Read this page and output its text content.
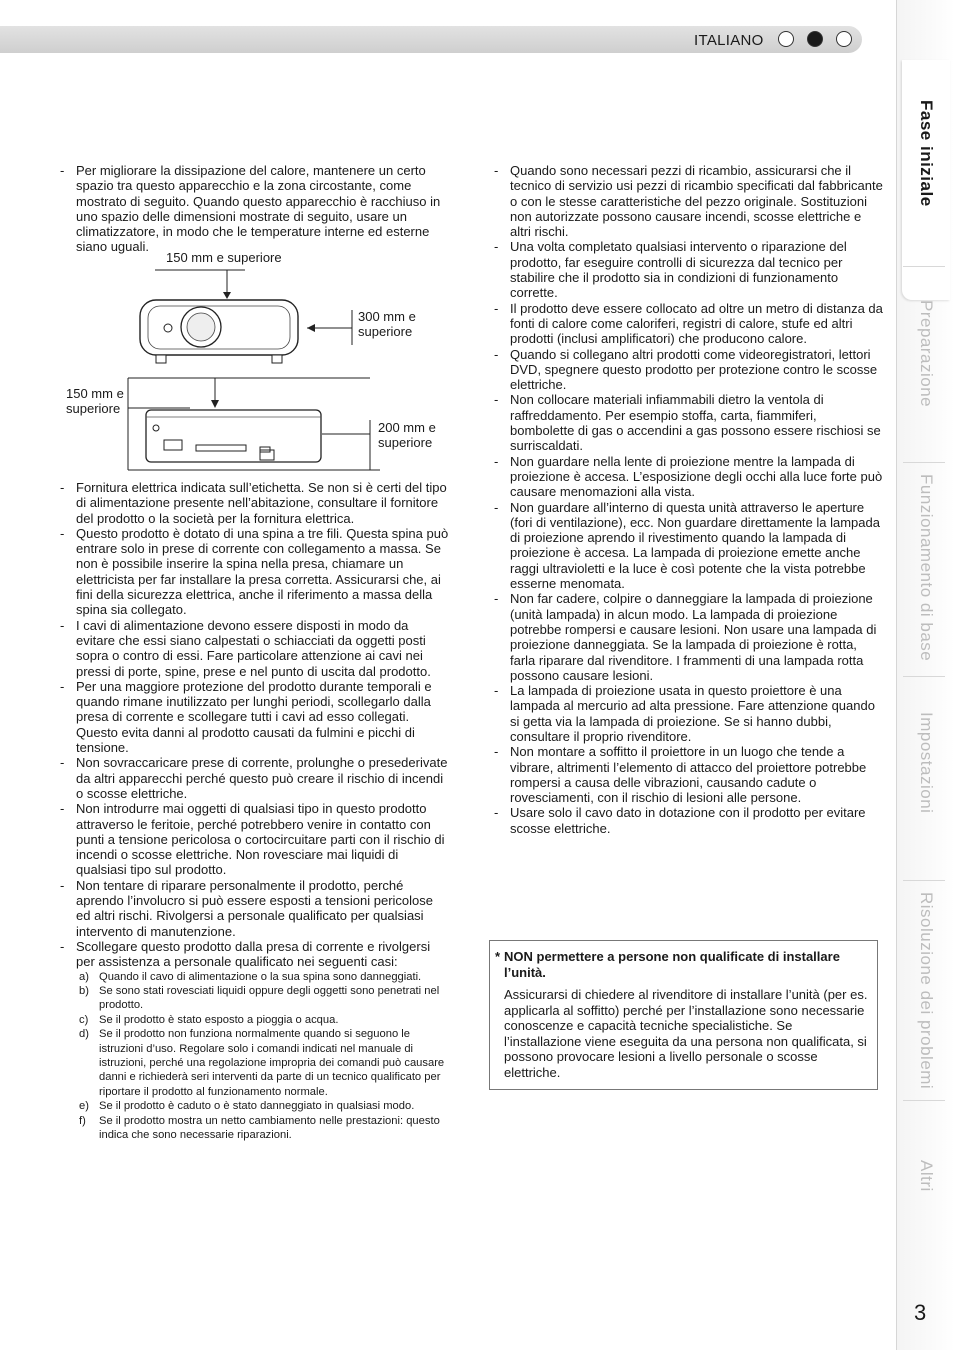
ITALIANO
Fase iniziale
Preparazione
Funzionamento di base
Impostazioni
Risoluzione dei problemi
Altri
3

- Per migliorare la dissipazione del calore, mantenere un certo spazio tra questo apparecchio e la zona circostante, come mostrato di seguito. Quando questo apparecchio è racchiuso in uno spazio delle dimensioni mostrate di seguito, usare un climatizzatore, in modo che le temperature interne ed esterne siano uguali.

150 mm e superiore
300 mm e
superiore
150 mm e
superiore
200 mm e
superiore

- Fornitura elettrica indicata sull’etichetta. Se non si è certi del tipo di alimentazione presente nell’abitazione, consultare il fornitore del prodotto o la società per la fornitura elettrica.

- Questo prodotto è dotato di una spina a tre fili. Questa spina può entrare solo in prese di corrente con collegamento a massa. Se non è possibile inserire la spina nella presa, chiamare un elettricista per far installare la presa corretta. Assicurarsi che, ai fini della sicurezza elettrica, anche il riferimento a massa della spina sia collegato.

- I cavi di alimentazione devono essere disposti in modo da evitare che essi siano calpestati o schiacciati da oggetti posti sopra o contro di essi. Fare particolare attenzione ai cavi nei pressi di porte, spine, prese e nel punto di uscita dal prodotto.

- Per una maggiore protezione del prodotto durante temporali e quando rimane inutilizzato per lunghi periodi, scollegarlo dalla presa di corrente e scollegare tutti i cavi ad esso collegati. Questo evita danni al prodotto causati da fulmini e picchi di tensione.

- Non sovraccaricare prese di corrente, prolunghe o presederivate da altri apparecchi perché questo può creare il rischio di incendi o scosse elettriche.

- Non introdurre mai oggetti di qualsiasi tipo in questo prodotto attraverso le feritoie, perché potrebbero venire in contatto con punti a tensione pericolosa o cortocircuitare parti con il rischio di incendi o scosse elettriche. Non rovesciare mai liquidi di qualsiasi tipo sul prodotto.

- Non tentare di riparare personalmente il prodotto, perché aprendo l’involucro si può essere esposti a tensioni pericolose ed altri rischi. Rivolgersi a personale qualificato per qualsiasi intervento di manutenzione.

- Scollegare questo prodotto dalla presa di corrente e rivolgersi per assistenza a personale qualificato nei seguenti casi:

a) Quando il cavo di alimentazione o la sua spina sono danneggiati.

b) Se sono stati rovesciati liquidi oppure degli oggetti sono penetrati nel prodotto.

c) Se il prodotto è stato esposto a pioggia o acqua.

d) Se il prodotto non funziona normalmente quando si seguono le istruzioni d’uso. Regolare solo i comandi indicati nel manuale di istruzioni, perché una regolazione impropria dei comandi può causare danni e richiederà seri interventi da parte di un tecnico qualificato per riportare il prodotto al funzionamento normale.

e) Se il prodotto è caduto o è stato danneggiato in qualsiasi modo.

f) Se il prodotto mostra un netto cambiamento nelle prestazioni: questo indica che sono necessarie riparazioni.

- Quando sono necessari pezzi di ricambio, assicurarsi che il tecnico di servizio usi pezzi di ricambio specificati dal fabbricante o con le stesse caratteristiche del pezzo originale. Sostituzioni non autorizzate possono causare incendi, scosse elettriche e altri rischi.

- Una volta completato qualsiasi intervento o riparazione del prodotto, far eseguire controlli di sicurezza dal tecnico per stabilire che il prodotto sia in condizioni di funzionamento corrette.

- Il prodotto deve essere collocato ad oltre un metro di distanza da fonti di calore come caloriferi, registri di calore, stufe ed altri prodotti (inclusi amplificatori) che producono calore.

- Quando si collegano altri prodotti come videoregistratori, lettori DVD, spegnere questo prodotto per protezione contro le scosse elettriche.

- Non collocare materiali infiammabili dietro la ventola di raffreddamento. Per esempio stoffa, carta, fiammiferi, bombolette di gas o accendini a gas possono essere rischiosi se surriscaldati.

- Non guardare nella lente di proiezione mentre la lampada di proiezione è accesa. L’esposizione degli occhi alla luce forte può causare menomazioni alla vista.

- Non guardare all’interno di questa unità attraverso le aperture (fori di ventilazione), ecc. Non guardare direttamente la lampada di proiezione aprendo il rivestimento quando la lampada di proiezione è accesa. La lampada di proiezione emette anche raggi ultravioletti e la luce è così potente che la vista potrebbe esserne menomata.

- Non far cadere, colpire o danneggiare la lampada di proiezione (unità lampada) in alcun modo. La lampada di proiezione potrebbe rompersi e causare lesioni. Non usare una lampada di proiezione danneggiata. Se la lampada di proiezione è rotta, farla riparare dal rivenditore. I frammenti di una lampada rotta possono causare lesioni.

- La lampada di proiezione usata in questo proiettore è una lampada al mercurio ad alta pressione. Fare attenzione quando si getta via la lampada di proiezione. Se si hanno dubbi, consultare il proprio rivenditore.

- Non montare a soffitto il proiettore in un luogo che tende a vibrare, altrimenti l’elemento di attacco del proiettore potrebbe rompersi a causa delle vibrazioni, causando cadute o rovesciamenti, con il rischio di lesioni alle persone.

- Usare solo il cavo dato in dotazione con il prodotto per evitare scosse elettriche.

* NON permettere a persone non qualificate di installare l’unità.
Assicurarsi di chiedere al rivenditore di installare l’unità (per es. applicarla al soffitto) perché per l’installazione sono necessarie conoscenze e capacità tecniche specialistiche. Se l’installazione viene eseguita da una persona non qualificata, si possono provocare lesioni a livello personale o scosse elettriche.
